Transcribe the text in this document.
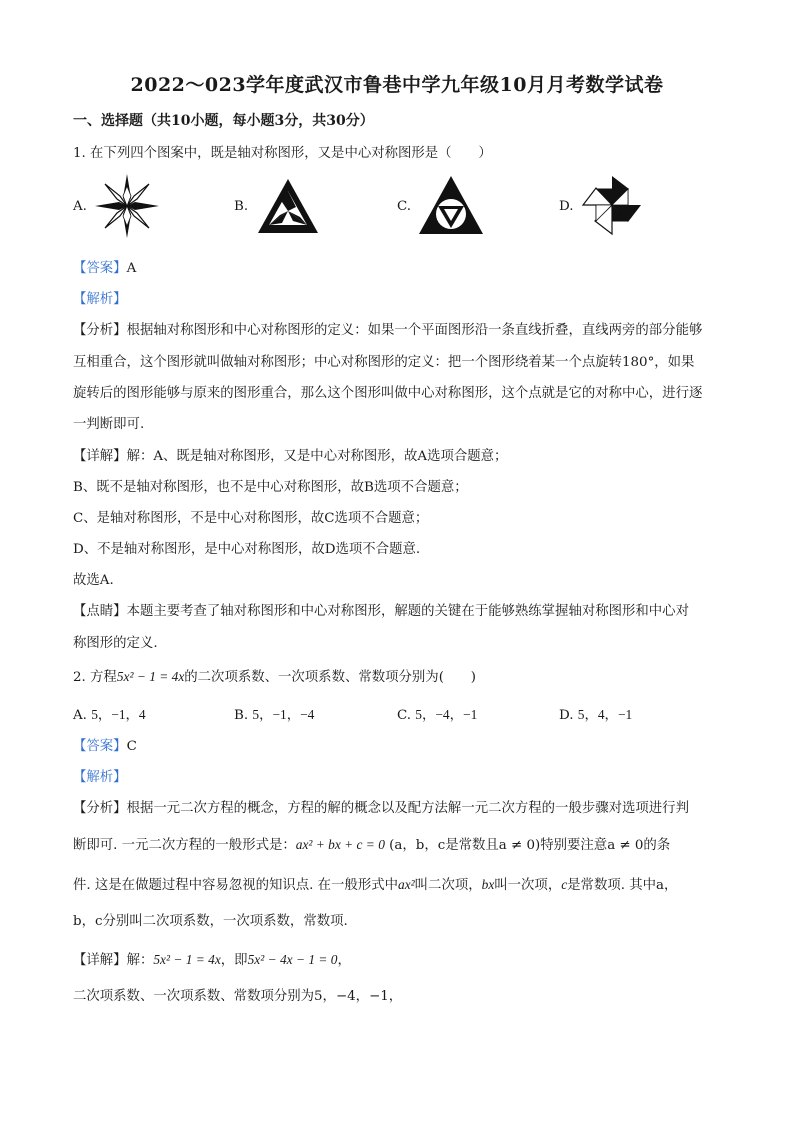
2022～023学年度武汉市鲁巷中学九年级10月月考数学试卷
一、选择题（共10小题，每小题3分，共30分）
1. 在下列四个图案中，既是轴对称图形，又是中心对称图形是（　　）
A.	B.	C.	D.
【答案】A
【解析】
【分析】根据轴对称图形和中心对称图形的定义：如果一个平面图形沿一条直线折叠，直线两旁的部分能够
互相重合，这个图形就叫做轴对称图形；中心对称图形的定义：把一个图形绕着某一个点旋转180°，如果
旋转后的图形能够与原来的图形重合，那么这个图形叫做中心对称图形，这个点就是它的对称中心，进行逐
一判断即可.
【详解】解：A、既是轴对称图形，又是中心对称图形，故A选项合题意；
B、既不是轴对称图形，也不是中心对称图形，故B选项不合题意；
C、是轴对称图形，不是中心对称图形，故C选项不合题意；
D、不是轴对称图形，是中心对称图形，故D选项不合题意.
故选A.
【点睛】本题主要考查了轴对称图形和中心对称图形，解题的关键在于能够熟练掌握轴对称图形和中心对
称图形的定义.
2. 方程5x² − 1 = 4x的二次项系数、一次项系数、常数项分别为(　　)
A. 5，−1，4	B. 5，−1，−4	C. 5，−4，−1	D. 5，4，−1
【答案】C
【解析】
【分析】根据一元二次方程的概念，方程的解的概念以及配方法解一元二次方程的一般步骤对选项进行判
断即可. 一元二次方程的一般形式是：ax² + bx + c = 0 (a，b，c是常数且a ≠ 0)特别要注意a ≠ 0的条
件. 这是在做题过程中容易忽视的知识点. 在一般形式中ax²叫二次项，bx叫一次项，c是常数项. 其中a，
b，c分别叫二次项系数，一次项系数，常数项.
【详解】解：5x² − 1 = 4x，即5x² − 4x − 1 = 0，
二次项系数、一次项系数、常数项分别为5，−4，−1，
